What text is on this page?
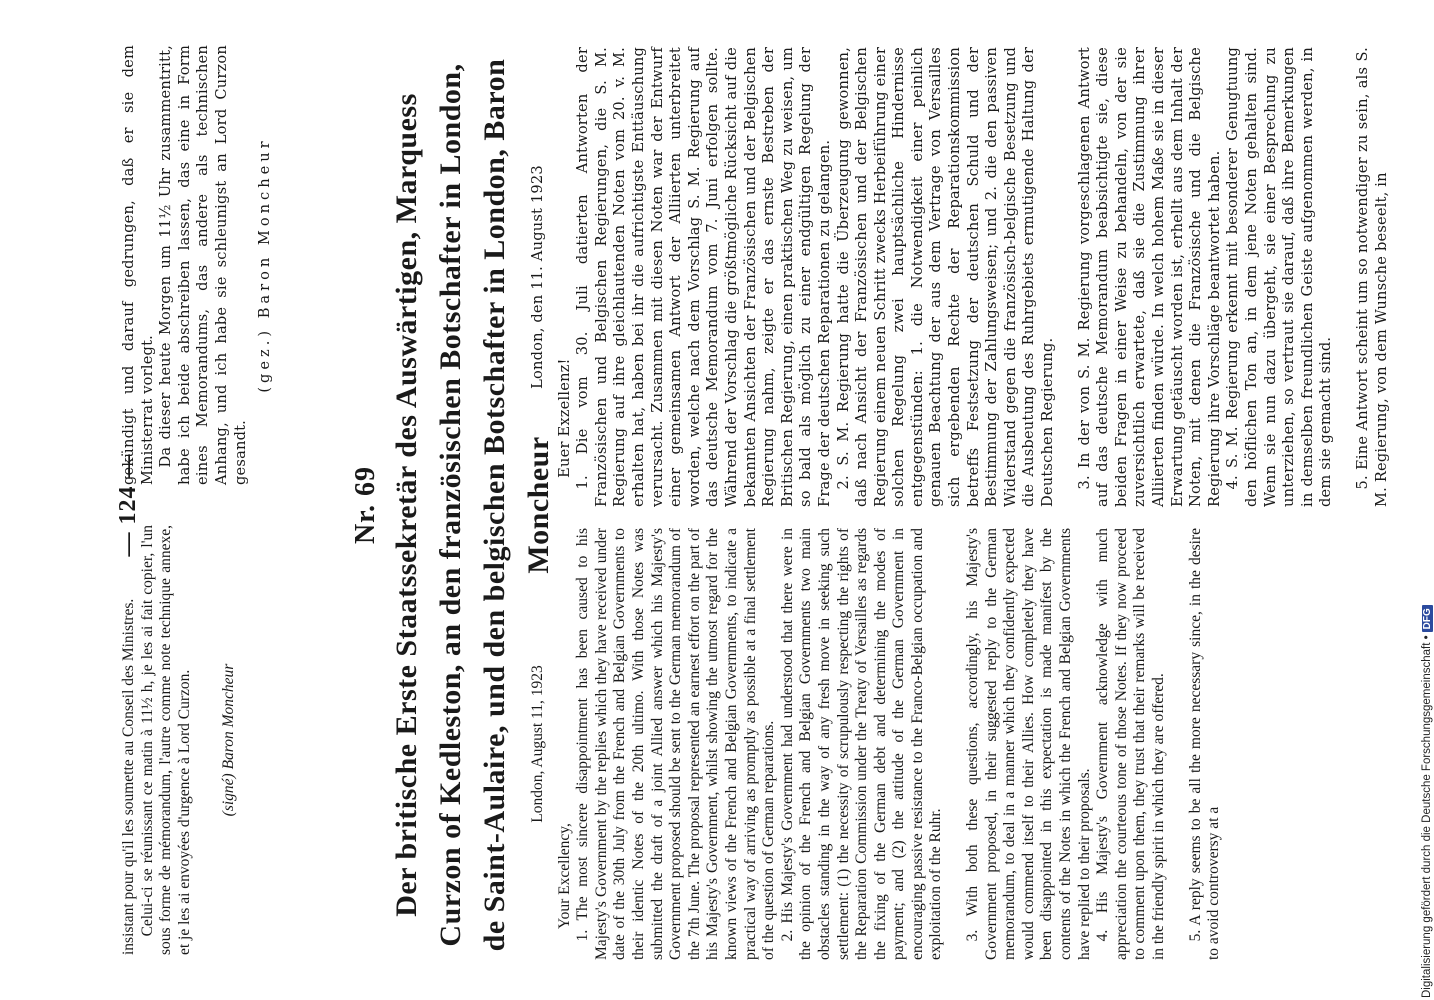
— 124 —

insistant pour qu'il les soumette au Conseil des Ministres. Celui-ci se réunissant ce matin à 11½ h, je les ai fait copier, l'un sous forme de mémorandum, l'autre comme note technique annexe, et je les ai envoyées d'urgence à Lord Curzon. (signé) Baron Moncheur

gekündigt und darauf gedrungen, daß er sie dem Ministerrat vorlegt. Da dieser heute Morgen um 11½ Uhr zusammentritt, habe ich beide abschreiben lassen, das eine in Form eines Memorandums, das andere als technischen Anhang, und ich habe sie schleunigst an Lord Curzon gesandt.

(gez.) Baron Moncheur
Nr. 69 Der britische Erste Staatssekretär des Auswärtigen, Marquess Curzon of Kedleston, an den französischen Botschafter in London, de Saint-Aulaire, und den belgischen Botschafter in London, Baron Moncheur
London, August 11, 1923

Your Excellency, 1. The most sincere disappointment has been caused to his Majesty's Government by the replies which they have received under date of the 30th July from the French and Belgian Governments to their identic Notes of the 20th ultimo. With those Notes was submitted the draft of a joint Allied answer which his Majesty's Government proposed should be sent to the German memorandum of the 7th June. The proposal represented an earnest effort on the part of his Majesty's Government, whilst showing the utmost regard for the known views of the French and Belgian Governments, to indicate a practical way of arriving as promptly as possible at a final settlement of the question of German reparations. 2. His Majesty's Government had understood that there were in the opinion of the French and Belgian Governments two main obstacles standing in the way of any fresh move in seeking such settlement: (1) the necessity of scrupulously respecting the rights of the Reparation Commission under the Treaty of Versailles as regards the fixing of the German debt and determining the modes of payment; and (2) the attitude of the German Government in encouraging passive resistance to the Franco-Belgian occupation and exploitation of the Ruhr. 3. With both these questions, accordingly, his Majesty's Government proposed, in their suggested reply to the German memorandum, to deal in a manner which they confidently expected would commend itself to their Allies. How completely they have been disappointed in this expectation is made manifest by the contents of the Notes in which the French and Belgian Governments have replied to their proposals. 4. His Majesty's Government acknowledge with much appreciation the courteous tone of those Notes. If they now proceed to comment upon them, they trust that their remarks will be received in the friendly spirit in which they are offered. 5. A reply seems to be all the more necessary since, in the desire to avoid controversy at a

London, den 11. August 1923

Euer Exzellenz! 1. Die vom 30. Juli datierten Antworten der Französischen und Belgischen Regierungen, die S. M. Regierung auf ihre gleichlautenden Noten vom 20. v. M. erhalten hat, haben bei ihr die aufrichtigste Enttäuschung verursacht. Zusammen mit diesen Noten war der Entwurf einer gemeinsamen Antwort der Alliierten unterbreitet worden, welche nach dem Vorschlag S. M. Regierung auf das deutsche Memorandum vom 7. Juni erfolgen sollte. Während der Vorschlag die größtmögliche Rücksicht auf die bekannten Ansichten der Französischen und der Belgischen Regierung nahm, zeigte er das ernste Bestreben der Britischen Regierung, einen praktischen Weg zu weisen, um so bald als möglich zu einer endgültigen Regelung der Frage der deutschen Reparationen zu gelangen. 2. S. M. Regierung hatte die Überzeugung gewonnen, daß nach Ansicht der Französischen und der Belgischen Regierung einem neuen Schritt zwecks Herbeiführung einer solchen Regelung zwei hauptsächliche Hindernisse entgegenstünden: 1. die Notwendigkeit einer peinlich genauen Beachtung der aus dem Vertrage von Versailles sich ergebenden Rechte der Reparationskommission betreffs Festsetzung der deutschen Schuld und der Bestimmung der Zahlungsweisen; und 2. die den passiven Widerstand gegen die französisch-belgische Besetzung und die Ausbeutung des Ruhrgebiets ermutigende Haltung der Deutschen Regierung. 3. In der von S. M. Regierung vorgeschlagenen Antwort auf das deutsche Memorandum beabsichtigte sie, diese beiden Fragen in einer Weise zu behandeln, von der sie zuversichtlich erwartete, daß sie die Zustimmung ihrer Alliierten finden würde. In welch hohem Maße sie in dieser Erwartung getäuscht worden ist, erhellt aus dem Inhalt der Noten, mit denen die Französische und die Belgische Regierung ihre Vorschläge beantwortet haben. 4. S. M. Regierung erkennt mit besonderer Genugtuung den höflichen Ton an, in dem jene Noten gehalten sind. Wenn sie nun dazu übergeht, sie einer Besprechung zu unterziehen, so vertraut sie darauf, daß ihre Bemerkungen in demselben freundlichen Geiste aufgenommen werden, in dem sie gemacht sind. 5. Eine Antwort scheint um so notwendiger zu sein, als S. M. Regierung, von dem Wunsche beseelt, in

Digitalisierung gefördert durch die Deutsche Forschungsgemeinschaft •DFG
